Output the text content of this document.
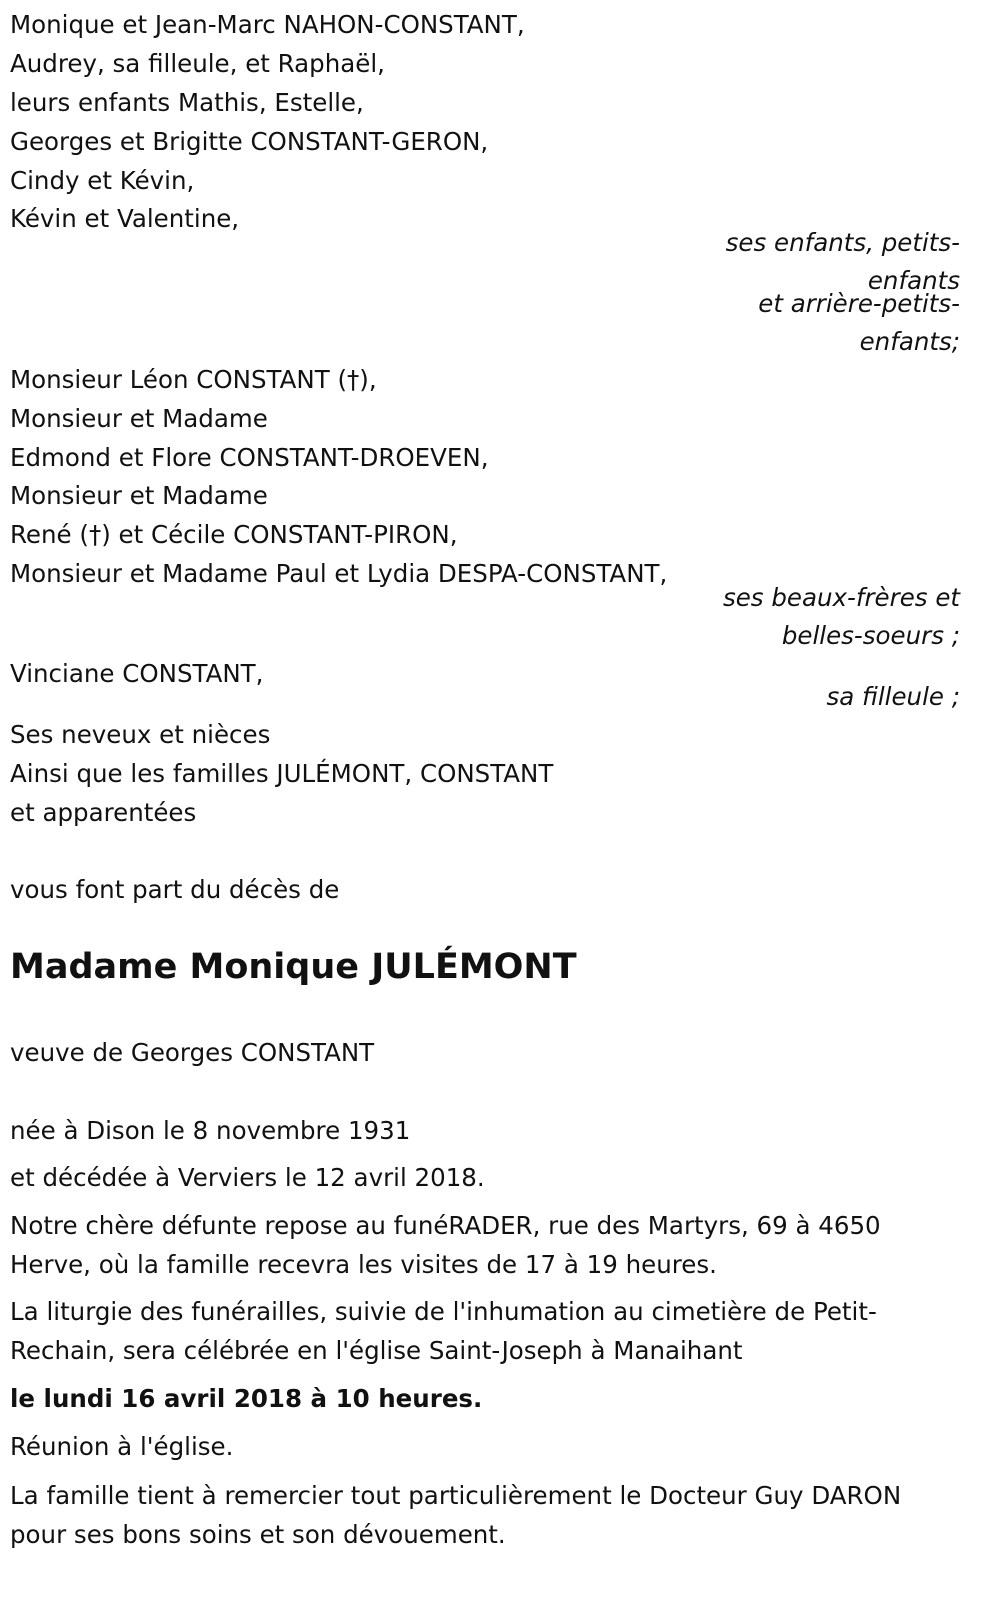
Monique et Jean-Marc NAHON-CONSTANT,
Audrey, sa filleule, et Raphaël,
leurs enfants Mathis, Estelle,
Georges et Brigitte CONSTANT-GERON,
Cindy et Kévin,
Kévin et Valentine,
ses enfants, petits-
enfants
et arrière-petits-
enfants;
Monsieur Léon CONSTANT (†),
Monsieur et Madame
Edmond et Flore CONSTANT-DROEVEN,
Monsieur et Madame
René (†) et Cécile CONSTANT-PIRON,
Monsieur et Madame Paul et Lydia DESPA-CONSTANT,
ses beaux-frères et
belles-soeurs ;
Vinciane CONSTANT,
sa filleule ;
Ses neveux et nièces
Ainsi que les familles JULÉMONT, CONSTANT
et apparentées
vous font part du décès de
Madame Monique JULÉMONT
veuve de Georges CONSTANT
née à Dison le 8 novembre 1931
et décédée à Verviers le 12 avril 2018.
Notre chère défunte repose au funéRADER, rue des Martyrs, 69 à 4650
Herve, où la famille recevra les visites de 17 à 19 heures.
La liturgie des funérailles, suivie de l'inhumation au cimetière de Petit-
Rechain, sera célébrée en l'église Saint-Joseph à Manaihant
le lundi 16 avril 2018 à 10 heures.
Réunion à l'église.
La famille tient à remercier tout particulièrement le Docteur Guy DARON
pour ses bons soins et son dévouement.
